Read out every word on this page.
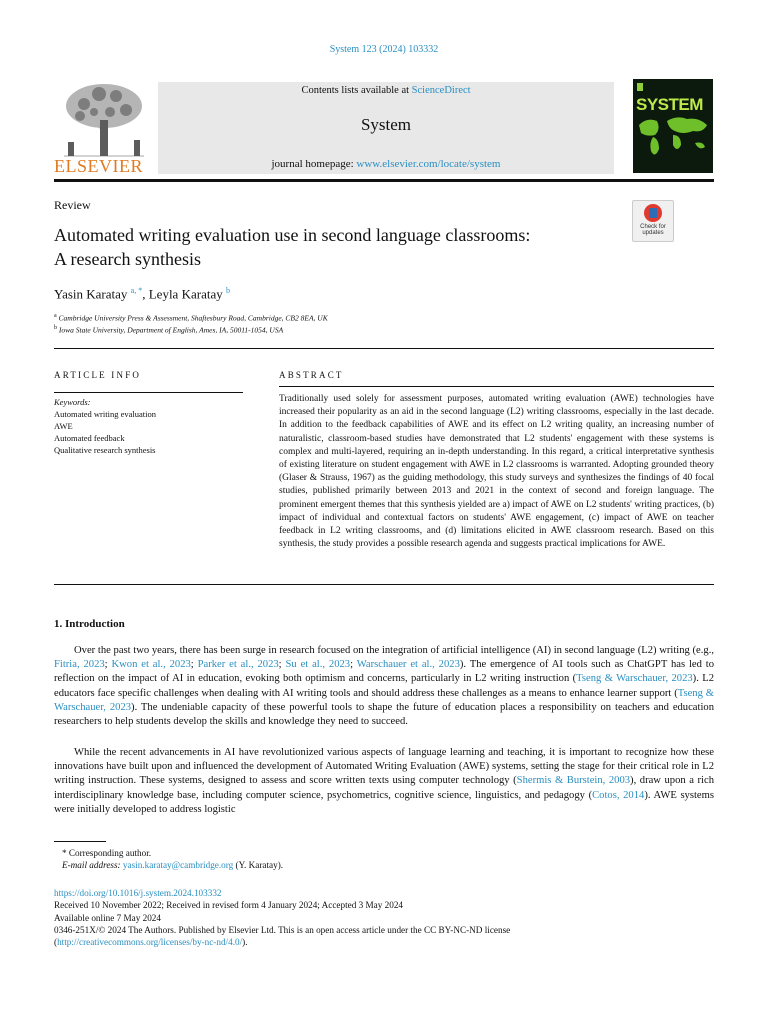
System 123 (2024) 103332
ELSEVIER
Contents lists available at ScienceDirect
System
journal homepage: www.elsevier.com/locate/system
SYSTEM
Review
Automated writing evaluation use in second language classrooms:
A research synthesis
Check for updates
Yasin Karatay $^{a, *}$, Leyla Karatay $^b$
$^a$ Cambridge University Press & Assessment, Shaftesbury Road, Cambridge, CB2 8EA, UK
$^b$ Iowa State University, Department of English, Ames, IA, 50011-1054, USA
ARTICLE INFO
Keywords:
Automated writing evaluation
AWE
Automated feedback
Qualitative research synthesis
ABSTRACT
Traditionally used solely for assessment purposes, automated writing evaluation (AWE) technologies have increased their popularity as an aid in the second language (L2) writing classrooms, especially in the last decade. In addition to the feedback capabilities of AWE and its effect on L2 writing quality, an increasing number of naturalistic, classroom-based studies have demonstrated that L2 students' engagement with these systems is complex and multi-layered, requiring an in-depth understanding. In this regard, a critical interpretative synthesis of existing literature on student engagement with AWE in L2 classrooms is warranted. Adopting grounded theory (Glaser & Strauss, 1967) as the guiding methodology, this study surveys and synthesizes the findings of 40 focal studies, published primarily between 2013 and 2021 in the context of second and foreign language. The prominent emergent themes that this synthesis yielded are a) impact of AWE on L2 students' writing practices, (b) impact of individual and contextual factors on students' AWE engagement, (c) impact of AWE on teacher feedback in L2 writing classrooms, and (d) limitations elicited in AWE classroom research. Based on this synthesis, the study provides a possible research agenda and suggests practical implications for AWE.
1. Introduction
Over the past two years, there has been surge in research focused on the integration of artificial intelligence (AI) in second language (L2) writing (e.g., Fitria, 2023; Kwon et al., 2023; Parker et al., 2023; Su et al., 2023; Warschauer et al., 2023). The emergence of AI tools such as ChatGPT has led to reflection on the impact of AI in education, evoking both optimism and concerns, particularly in L2 writing instruction (Tseng & Warschauer, 2023). L2 educators face specific challenges when dealing with AI writing tools and should address these challenges as a means to enhance learner support (Tseng & Warschauer, 2023). The undeniable capacity of these powerful tools to shape the future of education places a responsibility on teachers and education researchers to help students develop the skills and knowledge they need to succeed.
While the recent advancements in AI have revolutionized various aspects of language learning and teaching, it is important to recognize how these innovations have built upon and influenced the development of Automated Writing Evaluation (AWE) systems, setting the stage for their critical role in L2 writing instruction. These systems, designed to assess and score written texts using computer technology (Shermis & Burstein, 2003), draw upon a rich interdisciplinary knowledge base, including computer science, psychometrics, cognitive science, linguistics, and pedagogy (Cotos, 2014). AWE systems were initially developed to address logistic
* Corresponding author.
E-mail address: yasin.karatay@cambridge.org (Y. Karatay).
https://doi.org/10.1016/j.system.2024.103332
Received 10 November 2022; Received in revised form 4 January 2024; Accepted 3 May 2024
Available online 7 May 2024
0346-251X/© 2024 The Authors. Published by Elsevier Ltd. This is an open access article under the CC BY-NC-ND license
(http://creativecommons.org/licenses/by-nc-nd/4.0/).
